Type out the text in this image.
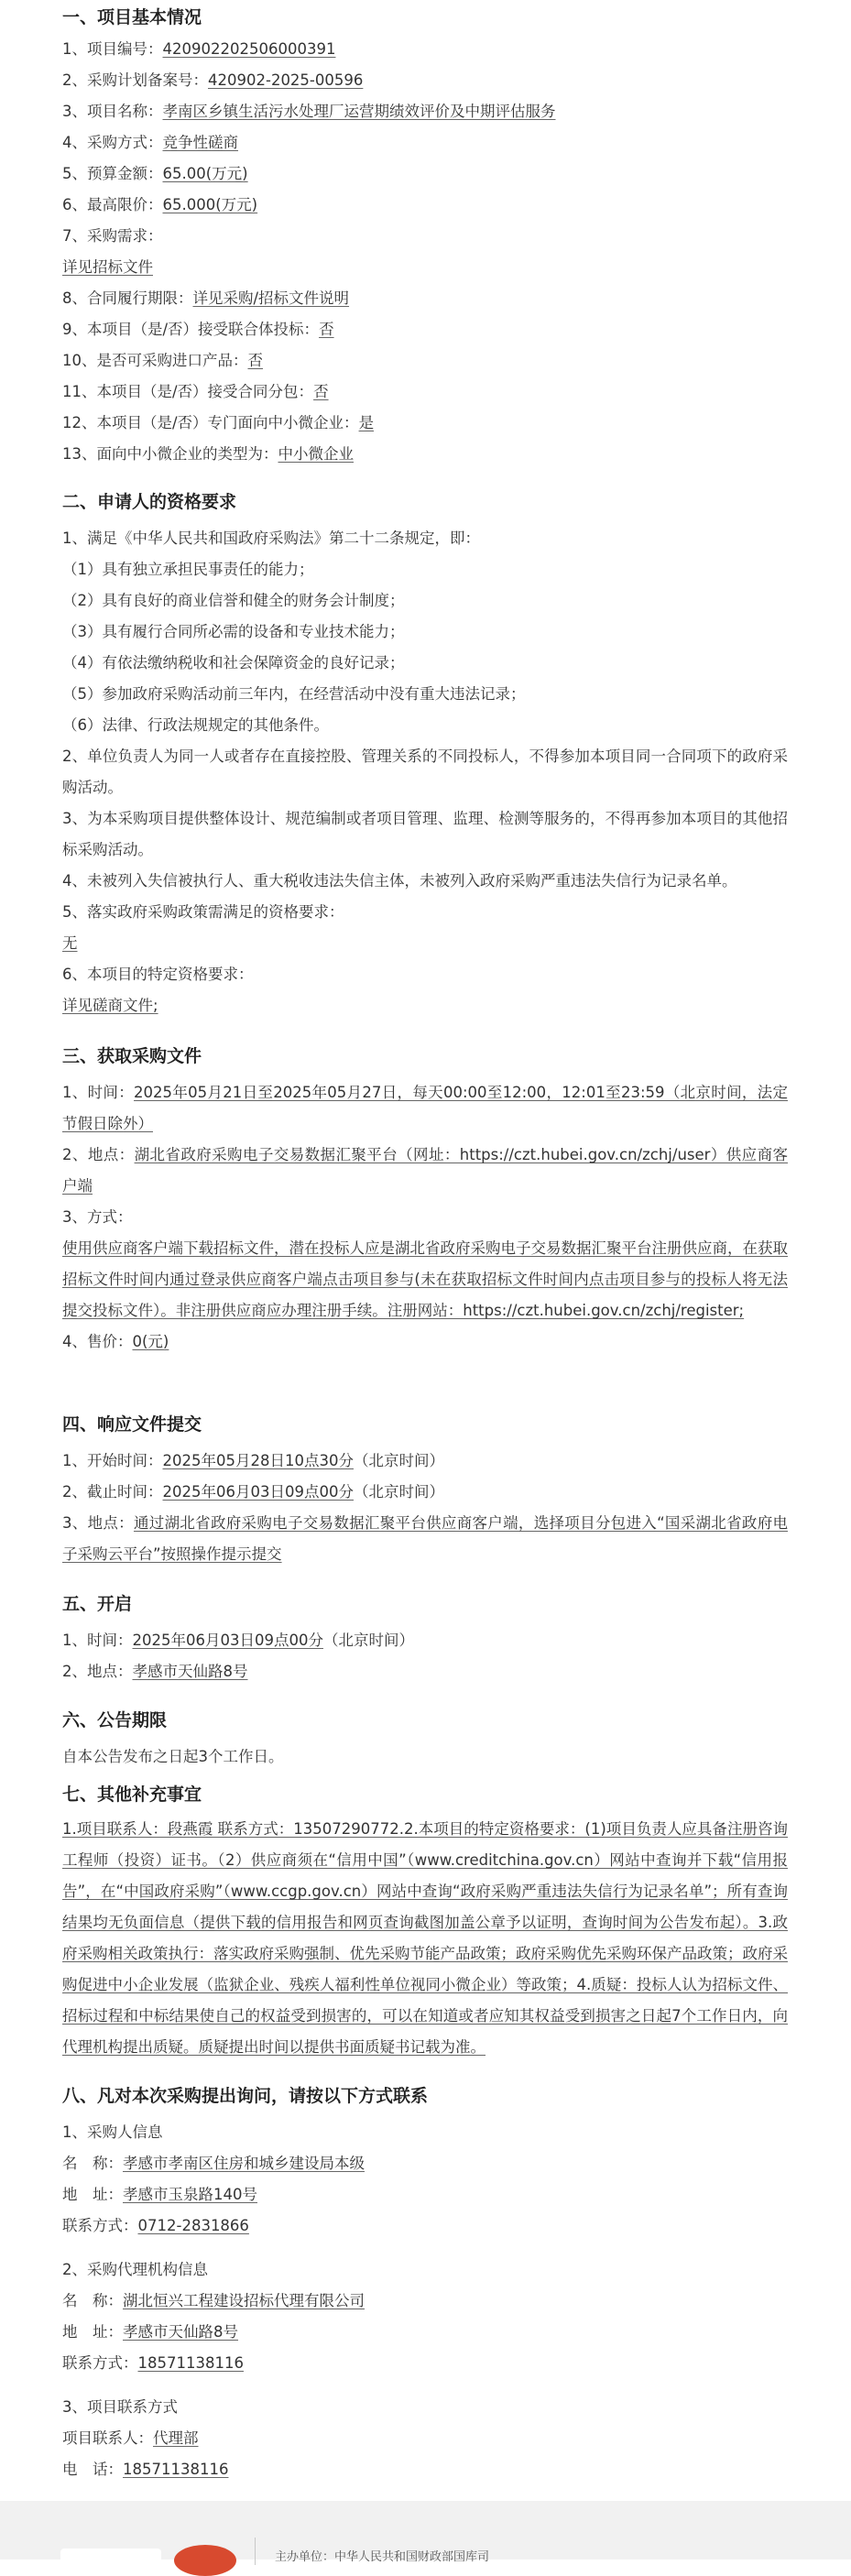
一、项目基本情况

1、项目编号：420902202506000391

2、采购计划备案号：420902-2025-00596

3、项目名称：孝南区乡镇生活污水处理厂运营期绩效评价及中期评估服务

4、采购方式：竞争性磋商

5、预算金额：65.00(万元)

6、最高限价：65.000(万元)

7、采购需求：

详见招标文件

8、合同履行期限：详见采购/招标文件说明

9、本项目（是/否）接受联合体投标：否

10、是否可采购进口产品：否

11、本项目（是/否）接受合同分包：否

12、本项目（是/否）专门面向中小微企业：是

13、面向中小微企业的类型为：中小微企业

二、申请人的资格要求

1、满足《中华人民共和国政府采购法》第二十二条规定，即：

（1）具有独立承担民事责任的能力；

（2）具有良好的商业信誉和健全的财务会计制度；

（3）具有履行合同所必需的设备和专业技术能力；

（4）有依法缴纳税收和社会保障资金的良好记录；

（5）参加政府采购活动前三年内，在经营活动中没有重大违法记录；

（6）法律、行政法规规定的其他条件。

2、单位负责人为同一人或者存在直接控股、管理关系的不同投标人，不得参加本项目同一合同项下的政府采购活动。

3、为本采购项目提供整体设计、规范编制或者项目管理、监理、检测等服务的，不得再参加本项目的其他招标采购活动。

4、未被列入失信被执行人、重大税收违法失信主体，未被列入政府采购严重违法失信行为记录名单。

5、落实政府采购政策需满足的资格要求：

无

6、本项目的特定资格要求：

详见磋商文件;

三、获取采购文件

1、时间：2025年05月21日至2025年05月27日，每天00:00至12:00，12:01至23:59（北京时间，法定节假日除外）

2、地点：湖北省政府采购电子交易数据汇聚平台（网址：https://czt.hubei.gov.cn/zchj/user）供应商客户端

3、方式：

使用供应商客户端下载招标文件，潜在投标人应是湖北省政府采购电子交易数据汇聚平台注册供应商，在获取招标文件时间内通过登录供应商客户端点击项目参与(未在获取招标文件时间内点击项目参与的投标人将无法提交投标文件）。非注册供应商应办理注册手续。注册网站：https://czt.hubei.gov.cn/zchj/register;

4、售价：0(元)

四、响应文件提交

1、开始时间：2025年05月28日10点30分（北京时间）

2、截止时间：2025年06月03日09点00分（北京时间）

3、地点：通过湖北省政府采购电子交易数据汇聚平台供应商客户端，选择项目分包进入“国采湖北省政府电子采购云平台”按照操作提示提交

五、开启

1、时间：2025年06月03日09点00分（北京时间）

2、地点：孝感市天仙路8号

六、公告期限

自本公告发布之日起3个工作日。

七、其他补充事宜

1.项目联系人：段燕霞 联系方式：13507290772.2.本项目的特定资格要求：(1)项目负责人应具备注册咨询工程师（投资）证书。（2）供应商须在“信用中国”（www.creditchina.gov.cn）网站中查询并下载“信用报告”，在“中国政府采购”（www.ccgp.gov.cn）网站中查询“政府采购严重违法失信行为记录名单”；所有查询结果均无负面信息（提供下载的信用报告和网页查询截图加盖公章予以证明，查询时间为公告发布起）。3.政府采购相关政策执行：落实政府采购强制、优先采购节能产品政策；政府采购优先采购环保产品政策；政府采购促进中小企业发展（监狱企业、残疾人福利性单位视同小微企业）等政策；4.质疑：投标人认为招标文件、招标过程和中标结果使自己的权益受到损害的，可以在知道或者应知其权益受到损害之日起7个工作日内，向代理机构提出质疑。质疑提出时间以提供书面质疑书记载为准。

八、凡对本次采购提出询问，请按以下方式联系

1、采购人信息

名　称：孝感市孝南区住房和城乡建设局本级

地　址：孝感市玉泉路140号

联系方式：0712-2831866

2、采购代理机构信息

名　称：湖北恒兴工程建设招标代理有限公司

地　址：孝感市天仙路8号

联系方式：18571138116

3、项目联系方式

项目联系人：代理部

电　话：18571138116

主办单位：中华人民共和国财政部国库司
